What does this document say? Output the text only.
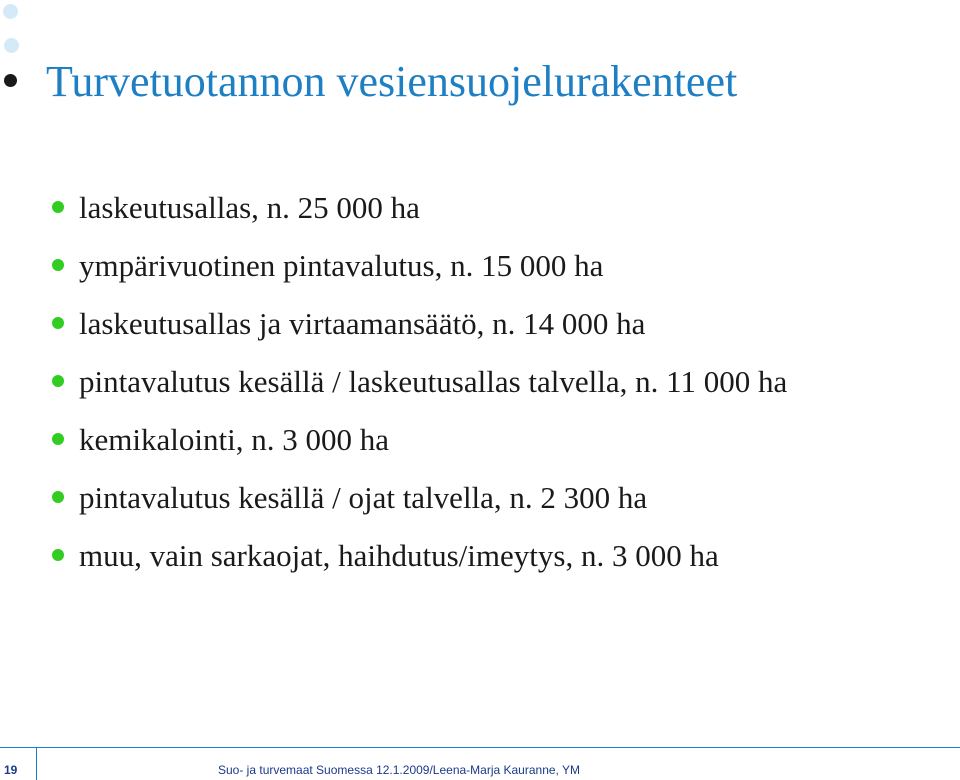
Turvetuotannon vesiensuojelurakenteet
laskeutusallas, n. 25 000 ha
ympärivuotinen pintavalutus, n. 15 000 ha
laskeutusallas ja virtaamansäätö, n. 14 000 ha
pintavalutus kesällä / laskeutusallas talvella, n. 11 000 ha
kemikalointi, n. 3 000 ha
pintavalutus kesällä / ojat talvella, n. 2 300 ha
muu, vain sarkaojat, haihdutus/imeytys, n. 3 000 ha
19	Suo- ja turvemaat Suomessa 12.1.2009/Leena-Marja Kauranne, YM
